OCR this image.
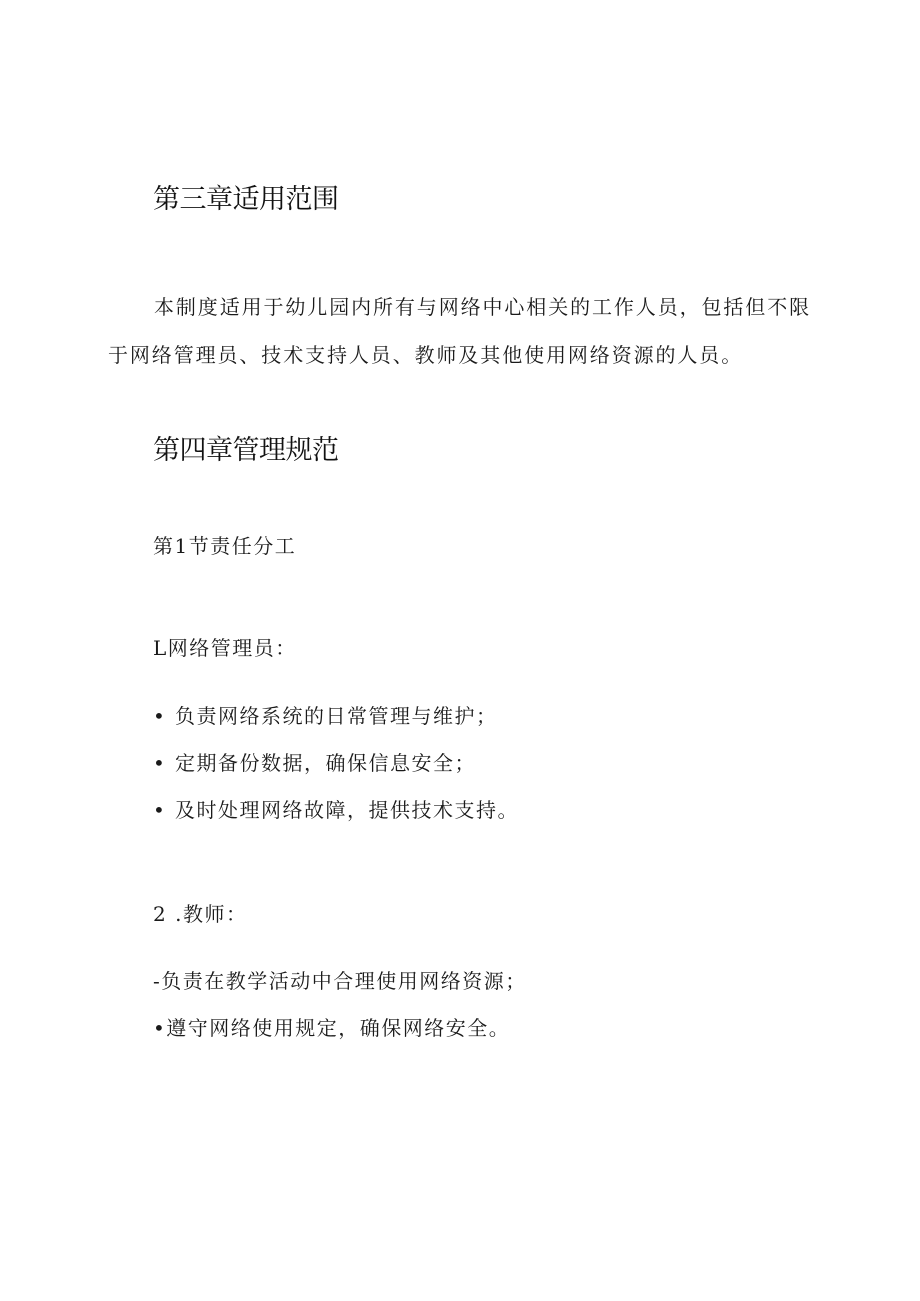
第三章适用范围

本制度适用于幼儿园内所有与网络中心相关的工作人员，包括但不限于网络管理员、技术支持人员、教师及其他使用网络资源的人员。

第四章管理规范
第1节责任分工
L网络管理员：
• 负责网络系统的日常管理与维护；
• 定期备份数据，确保信息安全；
• 及时处理网络故障，提供技术支持。
2 .教师：
-负责在教学活动中合理使用网络资源；
•遵守网络使用规定，确保网络安全。
